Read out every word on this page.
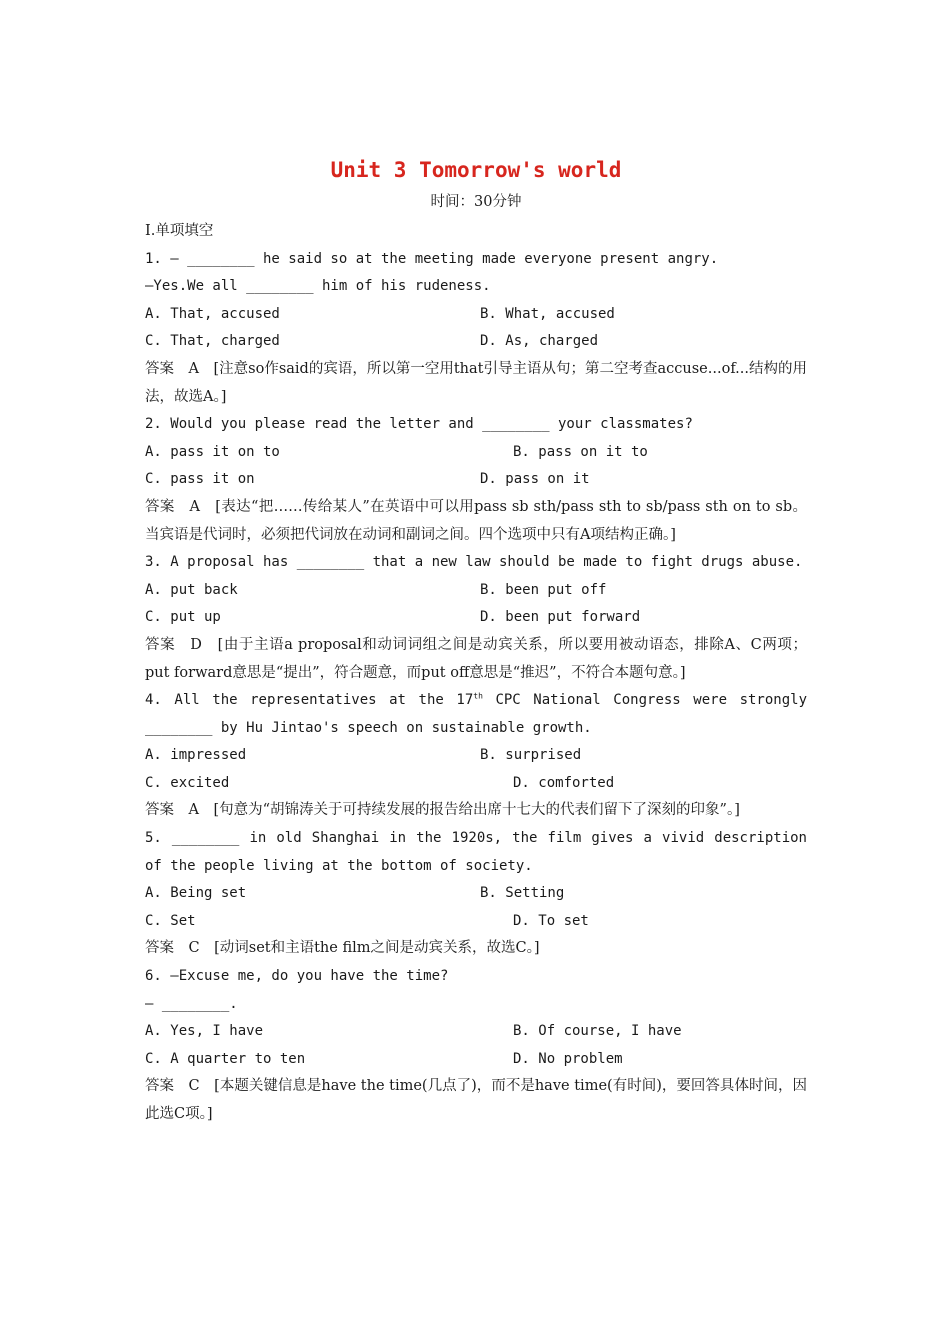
Unit 3 Tomorrow's world
时间：30分钟
Ⅰ.单项填空
1. — ________ he said so at the meeting made everyone present angry.
—Yes.We all ________ him of his rudeness.
A. That, accused	B. What, accused
C. That, charged	D. As, charged
答案　A　[注意so作said的宾语，所以第一空用that引导主语从句；第二空考查accuse...of...结构的用法，故选A。]
2. Would you please read the letter and ________ your classmates?
A. pass it on to	B. pass on it to
C. pass it on	D. pass on it
答案　A　[表达“把……传给某人”在英语中可以用pass sb sth/pass sth to sb/pass sth on to sb。当宾语是代词时，必须把代词放在动词和副词之间。四个选项中只有A项结构正确。]
3. A proposal has ________ that a new law should be made to fight drugs abuse.
A. put back	B. been put off
C. put up	D. been put forward
答案　D　[由于主语a proposal和动词词组之间是动宾关系，所以要用被动语态，排除A、C两项；put forward意思是“提出”，符合题意，而put off意思是“推迟”，不符合本题句意。]
4. All the representatives at the 17th CPC National Congress were strongly ________ by Hu Jintao's speech on sustainable growth.
A. impressed	B. surprised
C. excited	D. comforted
答案　A　[句意为“胡锦涛关于可持续发展的报告给出席十七大的代表们留下了深刻的印象”。]
5. ________ in old Shanghai in the 1920s, the film gives a vivid description of the people living at the bottom of society.
A. Being set	B. Setting
C. Set	D. To set
答案　C　[动词set和主语the film之间是动宾关系，故选C。]
6. —Excuse me, do you have the time?
— ________.
A. Yes, I have	B. Of course, I have
C. A quarter to ten	D. No problem
答案　C　[本题关键信息是have the time(几点了)，而不是have time(有时间)，要回答具体时间，因此选C项。]
